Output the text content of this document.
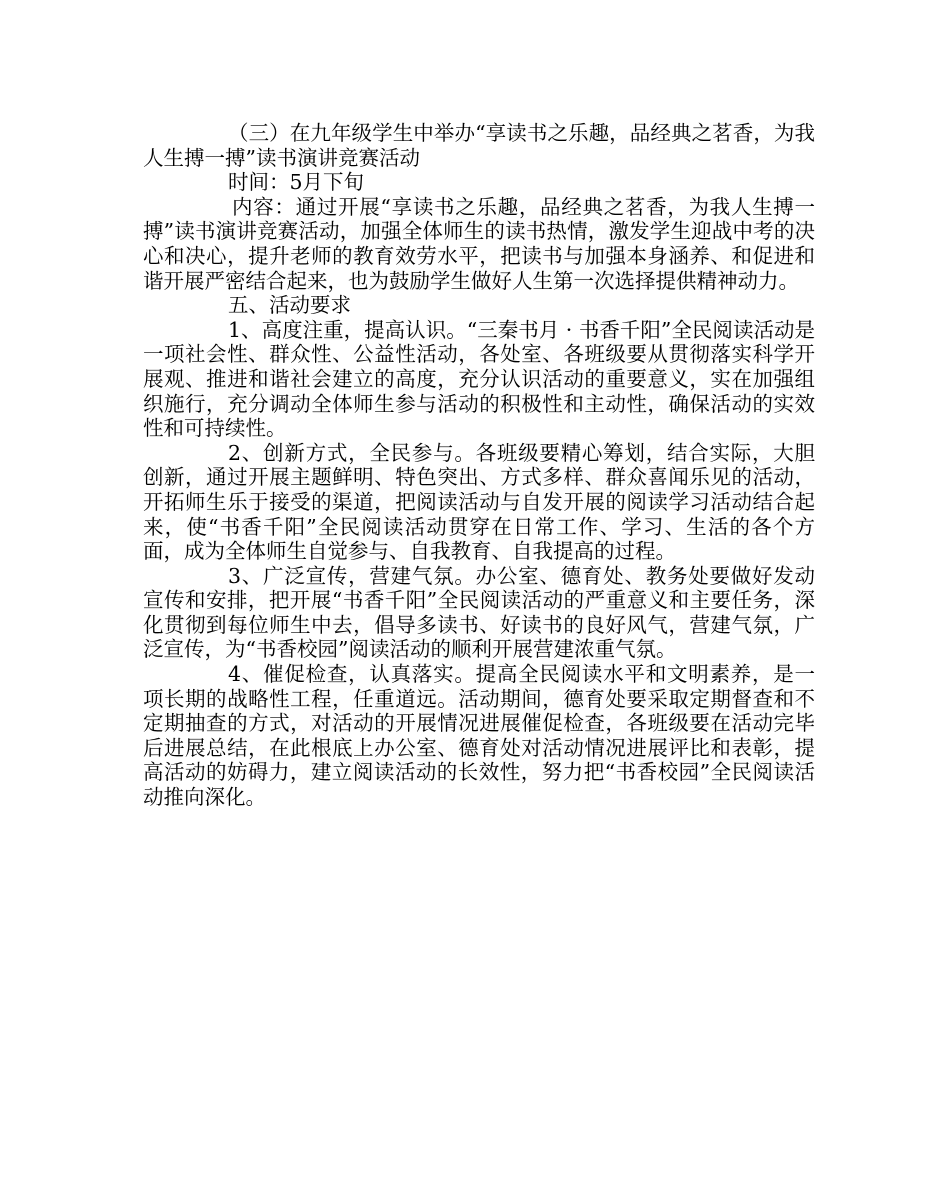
（三）在九年级学生中举办“享读书之乐趣，品经典之茗香，为我人生搏一搏”读书演讲竞赛活动

时间：5月下旬

内容：通过开展“享读书之乐趣，品经典之茗香，为我人生搏一搏”读书演讲竞赛活动，加强全体师生的读书热情，激发学生迎战中考的决心和决心，提升老师的教育效劳水平，把读书与加强本身涵养、和促进和谐开展严密结合起来，也为鼓励学生做好人生第一次选择提供精神动力。

五、活动要求

1、高度注重，提高认识。“三秦书月 · 书香千阳”全民阅读活动是一项社会性、群众性、公益性活动，各处室、各班级要从贯彻落实科学开展观、推进和谐社会建立的高度，充分认识活动的重要意义，实在加强组织施行，充分调动全体师生参与活动的积极性和主动性，确保活动的实效性和可持续性。

2、创新方式，全民参与。各班级要精心筹划，结合实际，大胆创新，通过开展主题鲜明、特色突出、方式多样、群众喜闻乐见的活动，开拓师生乐于接受的渠道，把阅读活动与自发开展的阅读学习活动结合起来，使“书香千阳”全民阅读活动贯穿在日常工作、学习、生活的各个方面，成为全体师生自觉参与、自我教育、自我提高的过程。

3、广泛宣传，营建气氛。办公室、德育处、教务处要做好发动宣传和安排，把开展“书香千阳”全民阅读活动的严重意义和主要任务，深化贯彻到每位师生中去，倡导多读书、好读书的良好风气，营建气氛，广泛宣传，为“书香校园”阅读活动的顺利开展营建浓重气氛。

4、催促检查，认真落实。提高全民阅读水平和文明素养，是一项长期的战略性工程，任重道远。活动期间，德育处要采取定期督查和不定期抽查的方式，对活动的开展情况进展催促检查，各班级要在活动完毕后进展总结，在此根底上办公室、德育处对活动情况进展评比和表彰，提高活动的妨碍力，建立阅读活动的长效性，努力把“书香校园”全民阅读活动推向深化。
